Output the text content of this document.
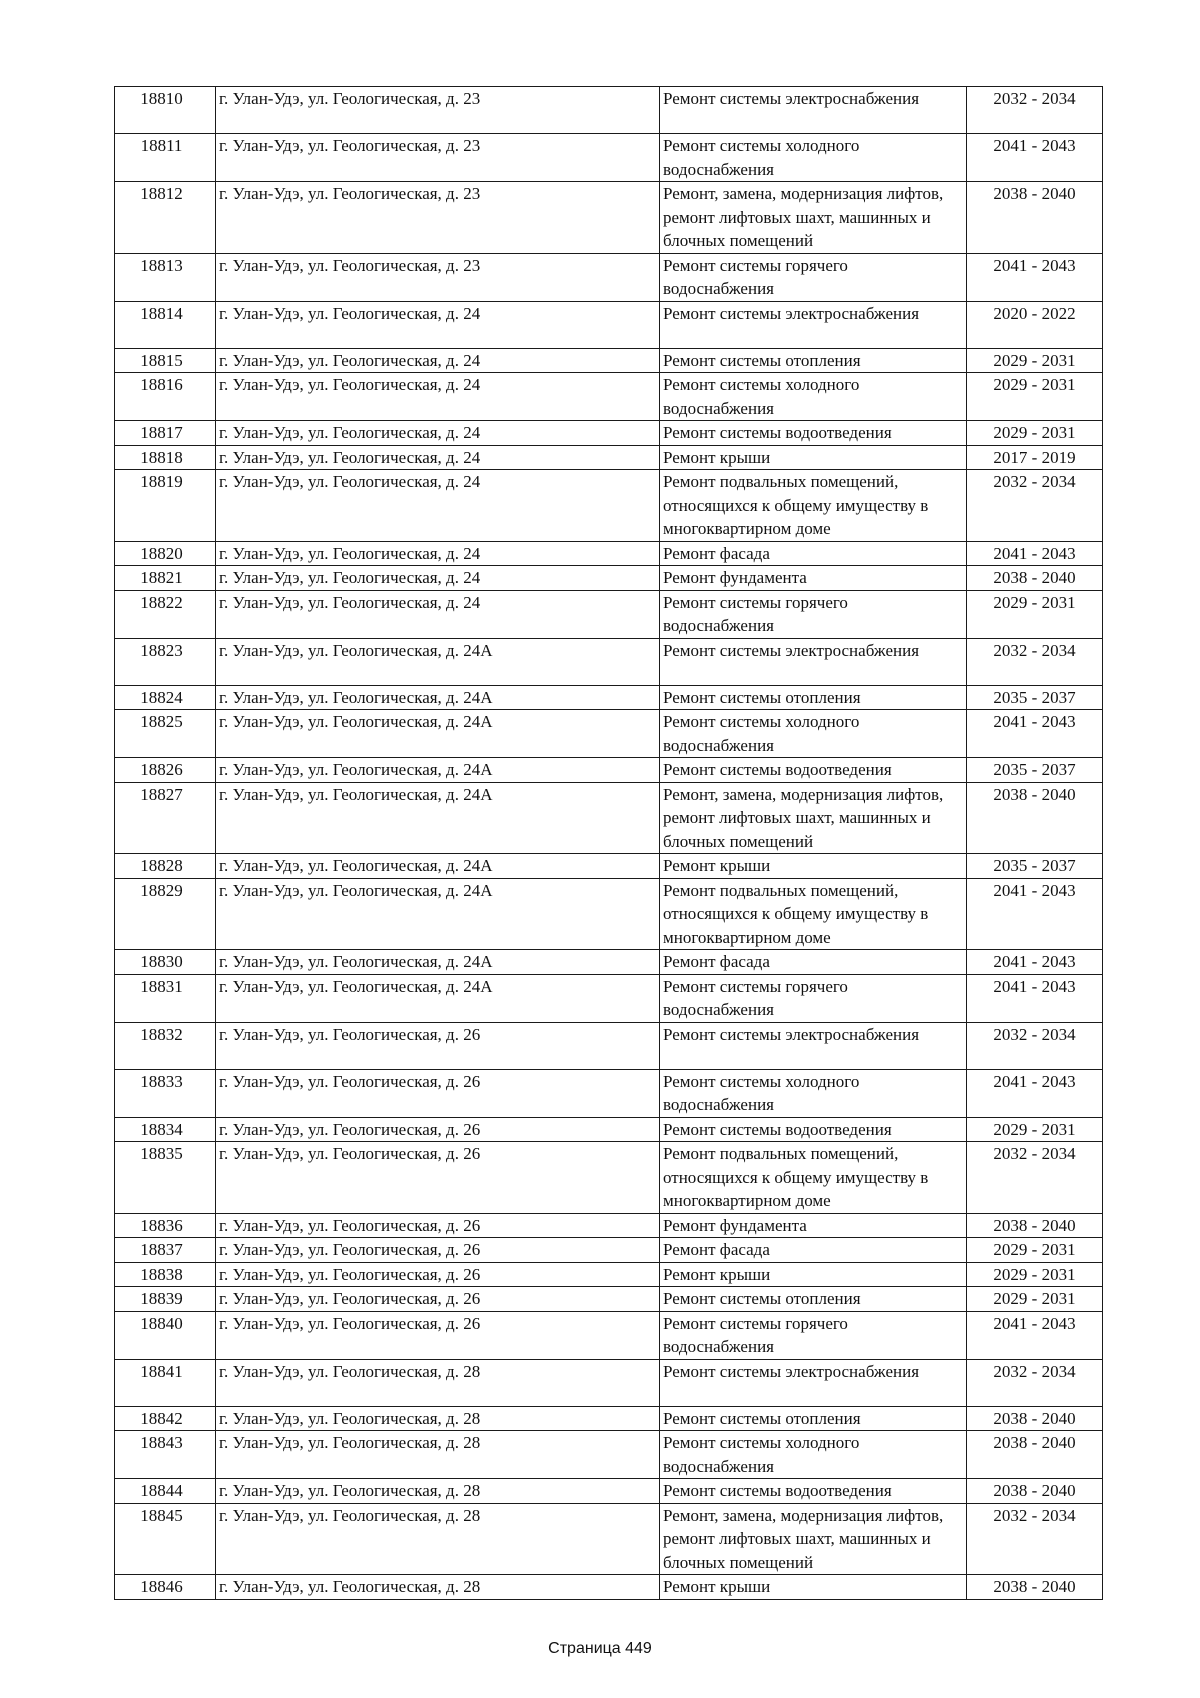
18810	г. Улан-Удэ, ул. Геологическая, д. 23	Ремонт системы электроснабжения	2032 - 2034
18811	г. Улан-Удэ, ул. Геологическая, д. 23	Ремонт системы холодного водоснабжения	2041 - 2043
18812	г. Улан-Удэ, ул. Геологическая, д. 23	Ремонт, замена, модернизация лифтов, ремонт лифтовых шахт, машинных и блочных помещений	2038 - 2040
18813	г. Улан-Удэ, ул. Геологическая, д. 23	Ремонт системы горячего водоснабжения	2041 - 2043
18814	г. Улан-Удэ, ул. Геологическая, д. 24	Ремонт системы электроснабжения	2020 - 2022
18815	г. Улан-Удэ, ул. Геологическая, д. 24	Ремонт системы отопления	2029 - 2031
18816	г. Улан-Удэ, ул. Геологическая, д. 24	Ремонт системы холодного водоснабжения	2029 - 2031
18817	г. Улан-Удэ, ул. Геологическая, д. 24	Ремонт системы водоотведения	2029 - 2031
18818	г. Улан-Удэ, ул. Геологическая, д. 24	Ремонт крыши	2017 - 2019
18819	г. Улан-Удэ, ул. Геологическая, д. 24	Ремонт подвальных помещений, относящихся к общему имуществу в многоквартирном доме	2032 - 2034
18820	г. Улан-Удэ, ул. Геологическая, д. 24	Ремонт фасада	2041 - 2043
18821	г. Улан-Удэ, ул. Геологическая, д. 24	Ремонт фундамента	2038 - 2040
18822	г. Улан-Удэ, ул. Геологическая, д. 24	Ремонт системы горячего водоснабжения	2029 - 2031
18823	г. Улан-Удэ, ул. Геологическая, д. 24А	Ремонт системы электроснабжения	2032 - 2034
18824	г. Улан-Удэ, ул. Геологическая, д. 24А	Ремонт системы отопления	2035 - 2037
18825	г. Улан-Удэ, ул. Геологическая, д. 24А	Ремонт системы холодного водоснабжения	2041 - 2043
18826	г. Улан-Удэ, ул. Геологическая, д. 24А	Ремонт системы водоотведения	2035 - 2037
18827	г. Улан-Удэ, ул. Геологическая, д. 24А	Ремонт, замена, модернизация лифтов, ремонт лифтовых шахт, машинных и блочных помещений	2038 - 2040
18828	г. Улан-Удэ, ул. Геологическая, д. 24А	Ремонт крыши	2035 - 2037
18829	г. Улан-Удэ, ул. Геологическая, д. 24А	Ремонт подвальных помещений, относящихся к общему имуществу в многоквартирном доме	2041 - 2043
18830	г. Улан-Удэ, ул. Геологическая, д. 24А	Ремонт фасада	2041 - 2043
18831	г. Улан-Удэ, ул. Геологическая, д. 24А	Ремонт системы горячего водоснабжения	2041 - 2043
18832	г. Улан-Удэ, ул. Геологическая, д. 26	Ремонт системы электроснабжения	2032 - 2034
18833	г. Улан-Удэ, ул. Геологическая, д. 26	Ремонт системы холодного водоснабжения	2041 - 2043
18834	г. Улан-Удэ, ул. Геологическая, д. 26	Ремонт системы водоотведения	2029 - 2031
18835	г. Улан-Удэ, ул. Геологическая, д. 26	Ремонт подвальных помещений, относящихся к общему имуществу в многоквартирном доме	2032 - 2034
18836	г. Улан-Удэ, ул. Геологическая, д. 26	Ремонт фундамента	2038 - 2040
18837	г. Улан-Удэ, ул. Геологическая, д. 26	Ремонт фасада	2029 - 2031
18838	г. Улан-Удэ, ул. Геологическая, д. 26	Ремонт крыши	2029 - 2031
18839	г. Улан-Удэ, ул. Геологическая, д. 26	Ремонт системы отопления	2029 - 2031
18840	г. Улан-Удэ, ул. Геологическая, д. 26	Ремонт системы горячего водоснабжения	2041 - 2043
18841	г. Улан-Удэ, ул. Геологическая, д. 28	Ремонт системы электроснабжения	2032 - 2034
18842	г. Улан-Удэ, ул. Геологическая, д. 28	Ремонт системы отопления	2038 - 2040
18843	г. Улан-Удэ, ул. Геологическая, д. 28	Ремонт системы холодного водоснабжения	2038 - 2040
18844	г. Улан-Удэ, ул. Геологическая, д. 28	Ремонт системы водоотведения	2038 - 2040
18845	г. Улан-Удэ, ул. Геологическая, д. 28	Ремонт, замена, модернизация лифтов, ремонт лифтовых шахт, машинных и блочных помещений	2032 - 2034
18846	г. Улан-Удэ, ул. Геологическая, д. 28	Ремонт крыши	2038 - 2040
Страница 449
